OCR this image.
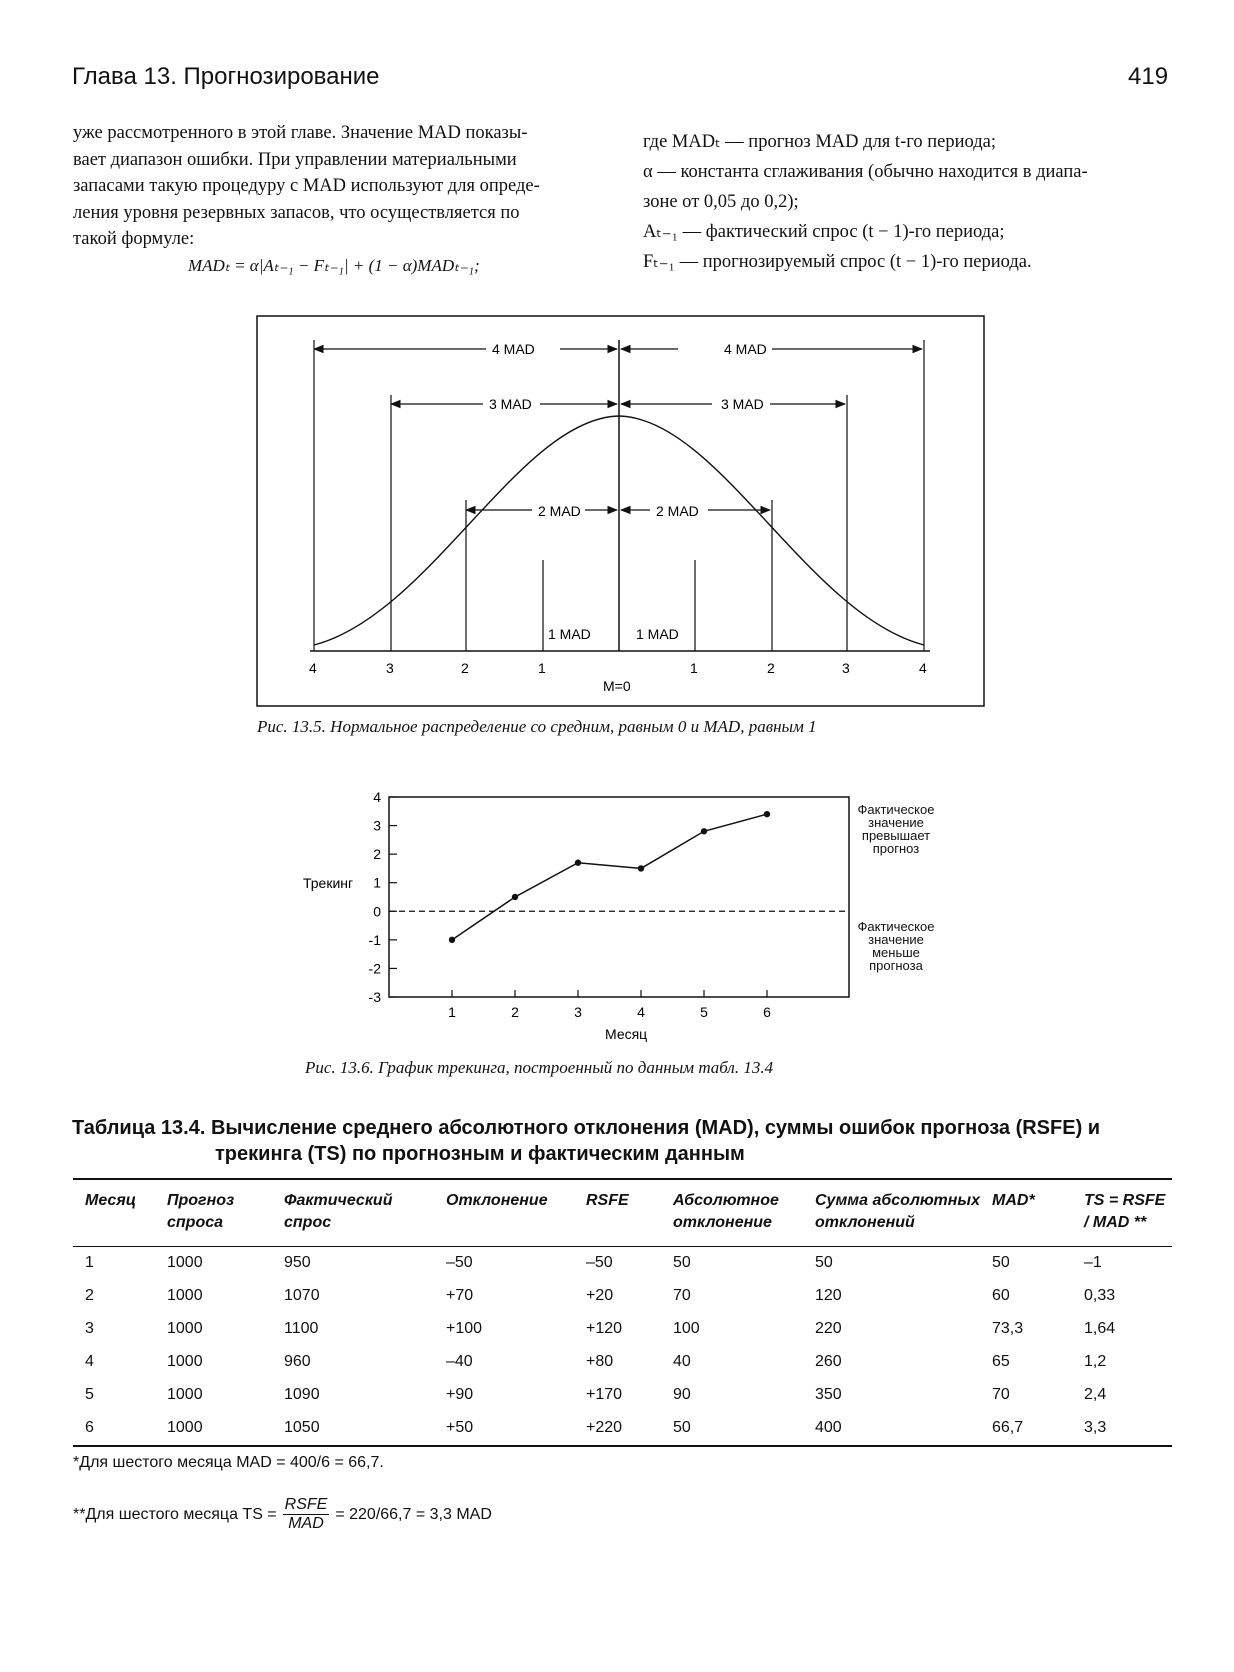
Глава 13. Прогнозирование	419

уже рассмотренного в этой главе. Значение MAD показы-

вает диапазон ошибки. При управлении материальными

запасами такую процедуру с MAD используют для опреде-

ления уровня резервных запасов, что осуществляется по

такой формуле:

MADₜ = α|Aₜ₋₁ − Fₜ₋₁| + (1 − α)MADₜ₋₁;

где MADₜ — прогноз MAD для t-го периода;

α — константа сглаживания (обычно находится в диапа-

зоне от 0,05 до 0,2);

Aₜ₋₁ — фактический спрос (t − 1)-го периода;

Fₜ₋₁ — прогнозируемый спрос (t − 1)-го периода.

4 MAD	4 MAD
3 MAD	3 MAD
2 MAD	2 MAD
1 MAD	1 MAD
4	3	2	1	1	2	3	4
M=0
Рис. 13.5. Нормальное распределение со средним, равным 0 и MAD, равным 1
4
3
2
1
0
-1
-2
-3
1	2	3	4	5	6
Трекинг
Месяц
Фактическое
значение
превышает
прогноз
Фактическое
значение
меньше
прогноза
Рис. 13.6. График трекинга, построенный по данным табл. 13.4
Таблица 13.4. Вычисление среднего абсолютного отклонения (MAD), суммы ошибок прогноза (RSFE) и
трекинга (TS) по прогнозным и фактическим данным
Месяц	Прогноз спроса	Фактический спрос	Отклонение	RSFE	Абсолютное отклонение	Сумма абсолютных отклонений	MAD*	TS = RSFE / MAD **
1	1000	950	–50	–50	50	50	50	–1
2	1000	1070	+70	+20	70	120	60	0,33
3	1000	1100	+100	+120	100	220	73,3	1,64
4	1000	960	–40	+80	40	260	65	1,2
5	1000	1090	+90	+170	90	350	70	2,4
6	1000	1050	+50	+220	50	400	66,7	3,3
*Для шестого месяца MAD = 400/6 = 66,7.
**Для шестого месяца TS =
RSFE
MAD
= 220/66,7 = 3,3 MAD
